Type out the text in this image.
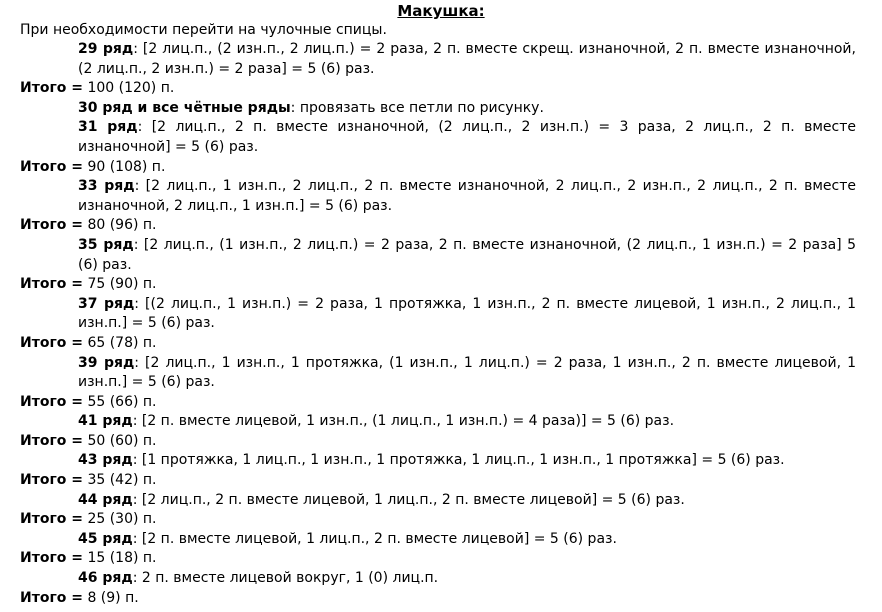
Макушка:
При необходимости перейти на чулочные спицы.
29 ряд: [2 лиц.п., (2 изн.п., 2 лиц.п.) = 2 раза, 2 п. вместе скрещ. изнаночной, 2 п. вместе изнаночной, (2 лиц.п., 2 изн.п.) = 2 раза] = 5 (6) раз.
Итого = 100 (120) п.
30 ряд и все чётные ряды: провязать все петли по рисунку.
31 ряд: [2 лиц.п., 2 п. вместе изнаночной, (2 лиц.п., 2 изн.п.) = 3 раза, 2 лиц.п., 2 п. вместе изнаночной] = 5 (6) раз.
Итого = 90 (108) п.
33 ряд: [2 лиц.п., 1 изн.п., 2 лиц.п., 2 п. вместе изнаночной, 2 лиц.п., 2 изн.п., 2 лиц.п., 2 п. вместе изнаночной, 2 лиц.п., 1 изн.п.] = 5 (6) раз.
Итого = 80 (96) п.
35 ряд: [2 лиц.п., (1 изн.п., 2 лиц.п.) = 2 раза, 2 п. вместе изнаночной, (2 лиц.п., 1 изн.п.) = 2 раза] 5 (6) раз.
Итого = 75 (90) п.
37 ряд: [(2 лиц.п., 1 изн.п.) = 2 раза, 1 протяжка, 1 изн.п., 2 п. вместе лицевой, 1 изн.п., 2 лиц.п., 1 изн.п.] = 5 (6) раз.
Итого = 65 (78) п.
39 ряд: [2 лиц.п., 1 изн.п., 1 протяжка, (1 изн.п., 1 лиц.п.) = 2 раза, 1 изн.п., 2 п. вместе лицевой, 1 изн.п.] = 5 (6) раз.
Итого = 55 (66) п.
41 ряд: [2 п. вместе лицевой, 1 изн.п., (1 лиц.п., 1 изн.п.) = 4 раза)] = 5 (6) раз.
Итого = 50 (60) п.
43 ряд: [1 протяжка, 1 лиц.п., 1 изн.п., 1 протяжка, 1 лиц.п., 1 изн.п., 1 протяжка] = 5 (6) раз.
Итого = 35 (42) п.
44 ряд: [2 лиц.п., 2 п. вместе лицевой, 1 лиц.п., 2 п. вместе лицевой] = 5 (6) раз.
Итого = 25 (30) п.
45 ряд: [2 п. вместе лицевой, 1 лиц.п., 2 п. вместе лицевой] = 5 (6) раз.
Итого = 15 (18) п.
46 ряд: 2 п. вместе лицевой вокруг, 1 (0) лиц.п.
Итого = 8 (9) п.
